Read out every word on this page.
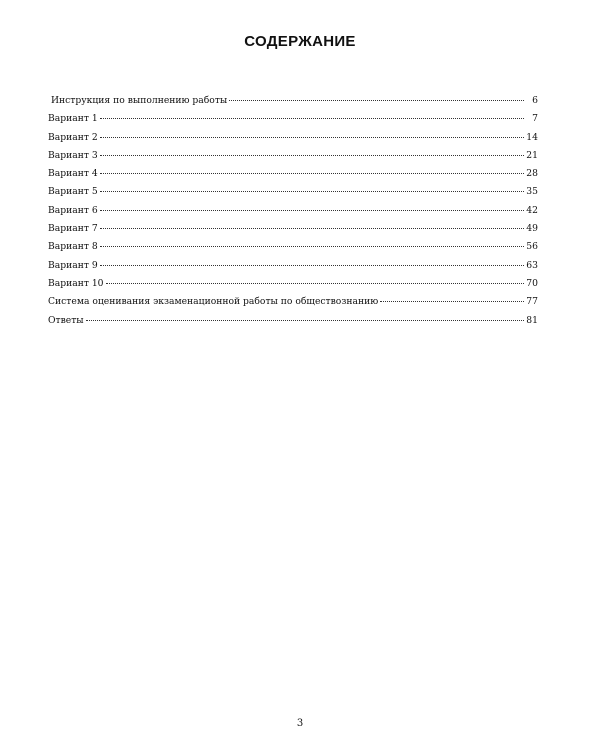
СОДЕРЖАНИЕ
Инструкция по выполнению работы	6
Вариант 1	7
Вариант 2	14
Вариант 3	21
Вариант 4	28
Вариант 5	35
Вариант 6	42
Вариант 7	49
Вариант 8	56
Вариант 9	63
Вариант 10	70
Система оценивания экзаменационной работы по обществознанию	77
Ответы	81
3
